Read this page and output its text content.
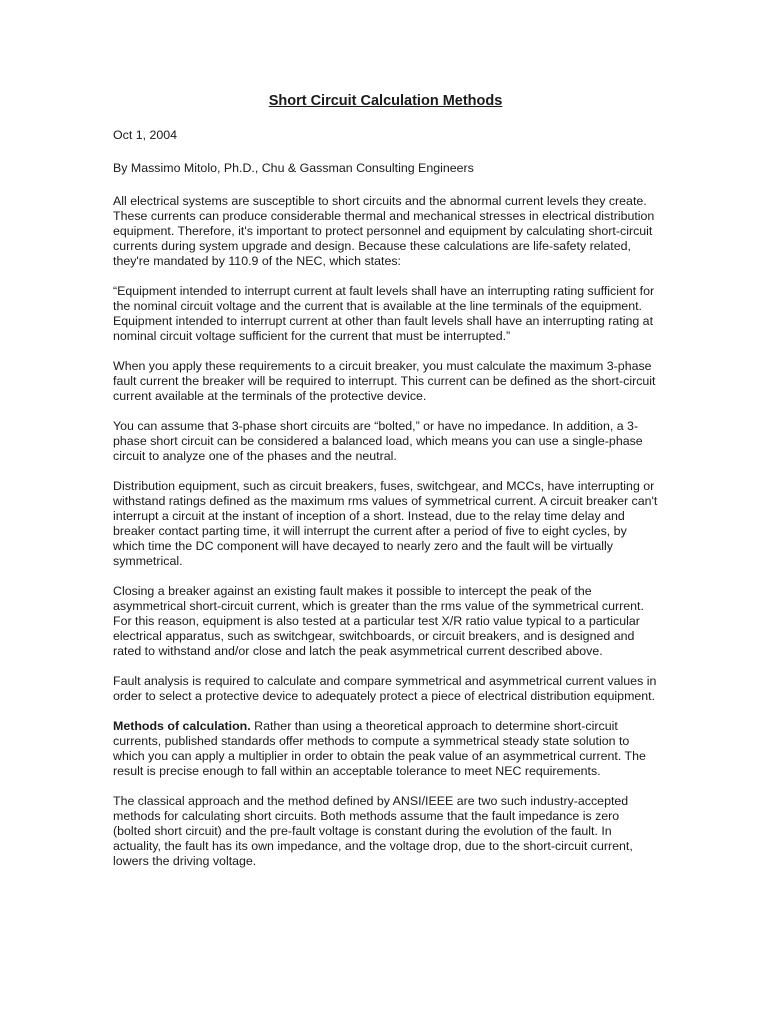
Short Circuit Calculation Methods
Oct 1, 2004
By Massimo Mitolo, Ph.D., Chu & Gassman Consulting Engineers
All electrical systems are susceptible to short circuits and the abnormal current levels they create. These currents can produce considerable thermal and mechanical stresses in electrical distribution equipment. Therefore, it's important to protect personnel and equipment by calculating short-circuit currents during system upgrade and design. Because these calculations are life-safety related, they're mandated by 110.9 of the NEC, which states:
“Equipment intended to interrupt current at fault levels shall have an interrupting rating sufficient for the nominal circuit voltage and the current that is available at the line terminals of the equipment. Equipment intended to interrupt current at other than fault levels shall have an interrupting rating at nominal circuit voltage sufficient for the current that must be interrupted.”
When you apply these requirements to a circuit breaker, you must calculate the maximum 3-phase fault current the breaker will be required to interrupt. This current can be defined as the short-circuit current available at the terminals of the protective device.
You can assume that 3-phase short circuits are “bolted,” or have no impedance. In addition, a 3-phase short circuit can be considered a balanced load, which means you can use a single-phase circuit to analyze one of the phases and the neutral.
Distribution equipment, such as circuit breakers, fuses, switchgear, and MCCs, have interrupting or withstand ratings defined as the maximum rms values of symmetrical current. A circuit breaker can't interrupt a circuit at the instant of inception of a short. Instead, due to the relay time delay and breaker contact parting time, it will interrupt the current after a period of five to eight cycles, by which time the DC component will have decayed to nearly zero and the fault will be virtually symmetrical.
Closing a breaker against an existing fault makes it possible to intercept the peak of the asymmetrical short-circuit current, which is greater than the rms value of the symmetrical current. For this reason, equipment is also tested at a particular test X/R ratio value typical to a particular electrical apparatus, such as switchgear, switchboards, or circuit breakers, and is designed and rated to withstand and/or close and latch the peak asymmetrical current described above.
Fault analysis is required to calculate and compare symmetrical and asymmetrical current values in order to select a protective device to adequately protect a piece of electrical distribution equipment.
Methods of calculation. Rather than using a theoretical approach to determine short-circuit currents, published standards offer methods to compute a symmetrical steady state solution to which you can apply a multiplier in order to obtain the peak value of an asymmetrical current. The result is precise enough to fall within an acceptable tolerance to meet NEC requirements.
The classical approach and the method defined by ANSI/IEEE are two such industry-accepted methods for calculating short circuits. Both methods assume that the fault impedance is zero (bolted short circuit) and the pre-fault voltage is constant during the evolution of the fault. In actuality, the fault has its own impedance, and the voltage drop, due to the short-circuit current, lowers the driving voltage.
